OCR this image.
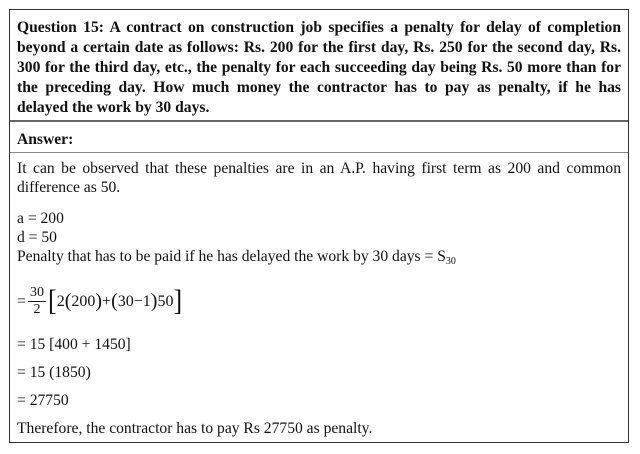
Question 15: A contract on construction job specifies a penalty for delay of completion beyond a certain date as follows: Rs. 200 for the first day, Rs. 250 for the second day, Rs. 300 for the third day, etc., the penalty for each succeeding day being Rs. 50 more than for the preceding day. How much money the contractor has to pay as penalty, if he has delayed the work by 30 days.
Answer:

It can be observed that these penalties are in an A.P. having first term as 200 and common difference as 50.

a = 200

d = 50

Penalty that has to be paid if he has delayed the work by 30 days = $S_{30}$

= $\frac{30}{2}$ [ 2 ( 200 ) + ( 30−1 ) 50 ]

= 15 [400 + 1450]

= 15 (1850)

= 27750

Therefore, the contractor has to pay Rs 27750 as penalty.
